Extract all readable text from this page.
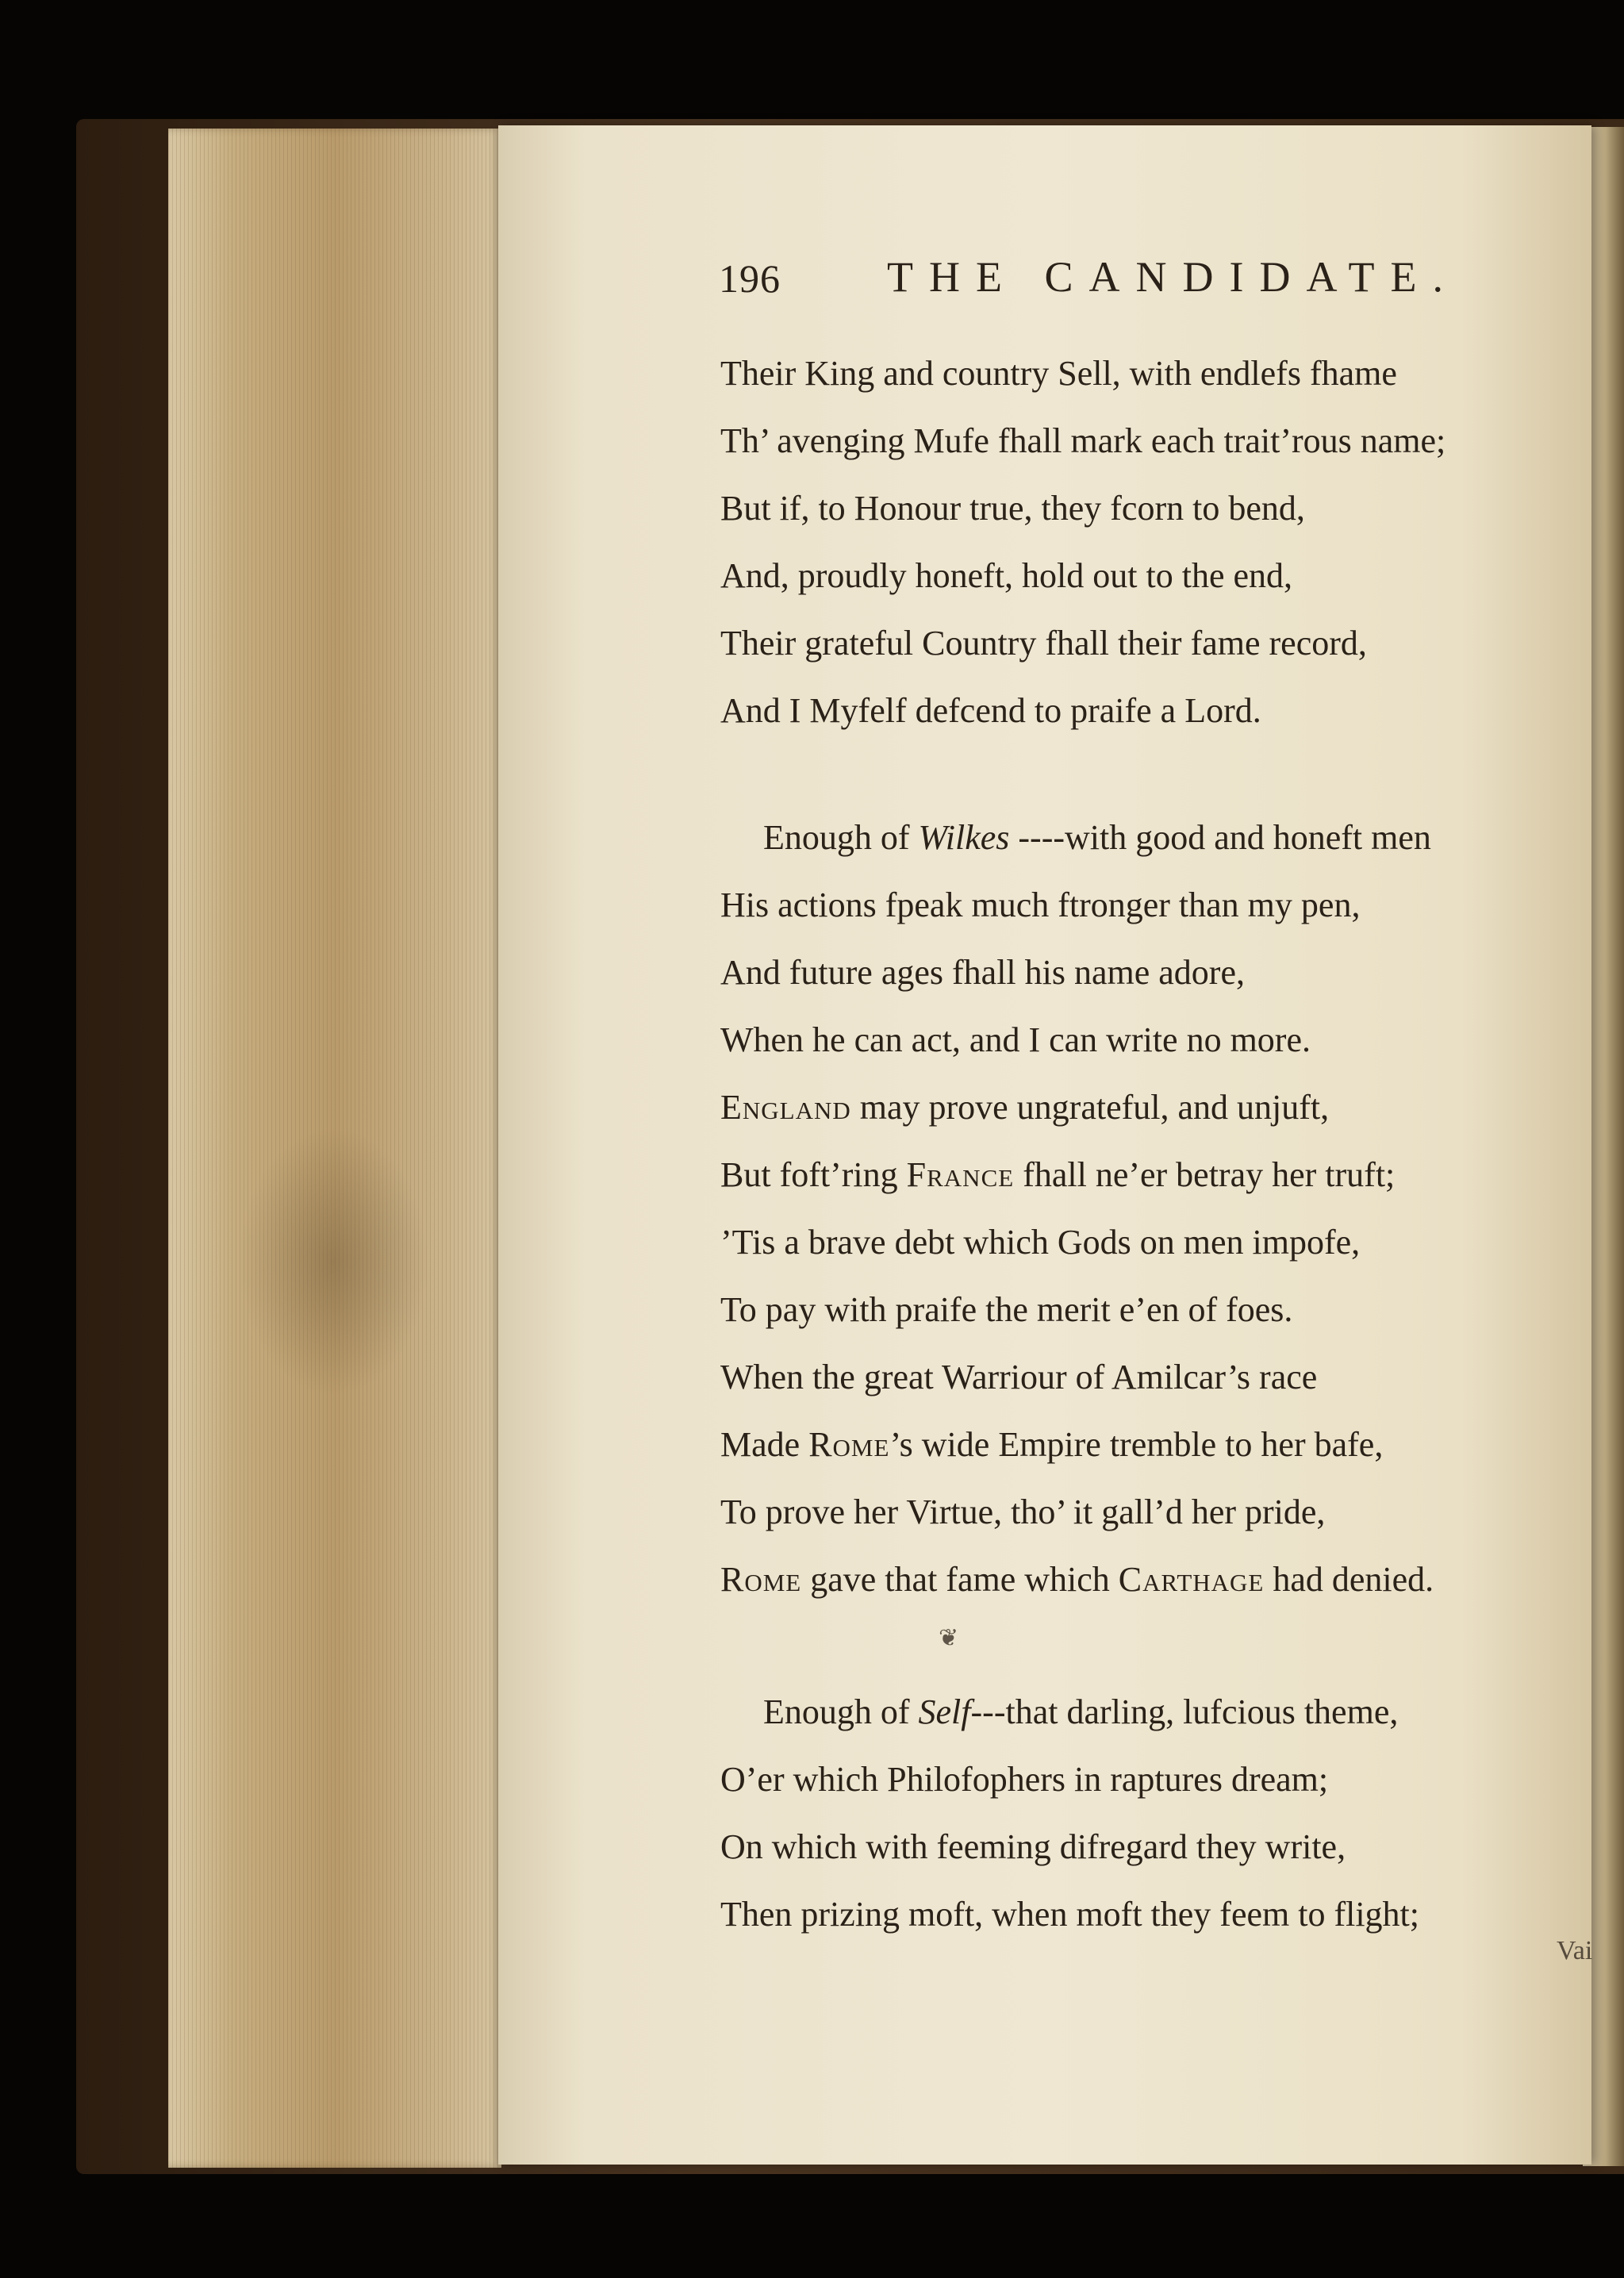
196 THE CANDIDATE.
Their King and country Sell, with endlefs fhame
Th’ avenging Mufe fhall mark each trait’rous name;
But if, to Honour true, they fcorn to bend,
And, proudly honeft, hold out to the end,
Their grateful Country fhall their fame record,
And I Myfelf defcend to praife a Lord.
Enough of Wilkes ----with good and honeft men
His actions fpeak much ftronger than my pen,
And future ages fhall his name adore,
When he can act, and I can write no more.
England may prove ungrateful, and unjuft,
But foft’ring France fhall ne’er betray her truft;
’Tis a brave debt which Gods on men impofe,
To pay with praife the merit e’en of foes.
When the great Warriour of Amilcar’s race
Made Rome’s wide Empire tremble to her bafe,
To prove her Virtue, tho’ it gall’d her pride,
Rome gave that fame which Carthage had denied.
❦
Enough of Self---that darling, lufcious theme,
O’er which Philofophers in raptures dream;
On which with feeming difregard they write,
Then prizing moft, when moft they feem to flight;
Vai
